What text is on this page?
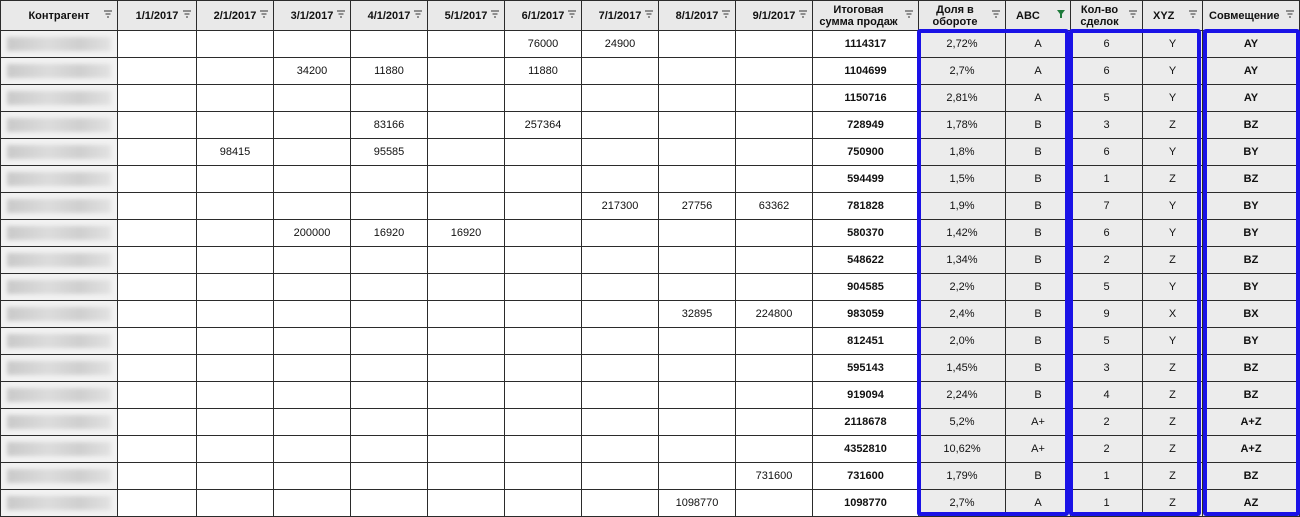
Контрагент	1/1/2017	2/1/2017	3/1/2017	4/1/2017	5/1/2017	6/1/2017	7/1/2017	8/1/2017	9/1/2017	Итоговая сумма продаж	Доля в обороте	ABC	Кол-во сделок	XYZ	Совмещение

						76000	24900			1114317	2,72%	A	6	Y	AY

			34200	11880		11880				1104699	2,7%	A	6	Y	AY

										1150716	2,81%	A	5	Y	AY

				83166		257364				728949	1,78%	B	3	Z	BZ

		98415		95585						750900	1,8%	B	6	Y	BY

										594499	1,5%	B	1	Z	BZ

							217300	27756	63362	781828	1,9%	B	7	Y	BY

			200000	16920	16920					580370	1,42%	B	6	Y	BY

										548622	1,34%	B	2	Z	BZ

										904585	2,2%	B	5	Y	BY

								32895	224800	983059	2,4%	B	9	X	BX

										812451	2,0%	B	5	Y	BY

										595143	1,45%	B	3	Z	BZ

										919094	2,24%	B	4	Z	BZ

										2118678	5,2%	A+	2	Z	A+Z

										4352810	10,62%	A+	2	Z	A+Z

									731600	731600	1,79%	B	1	Z	BZ

								1098770		1098770	2,7%	A	1	Z	AZ
